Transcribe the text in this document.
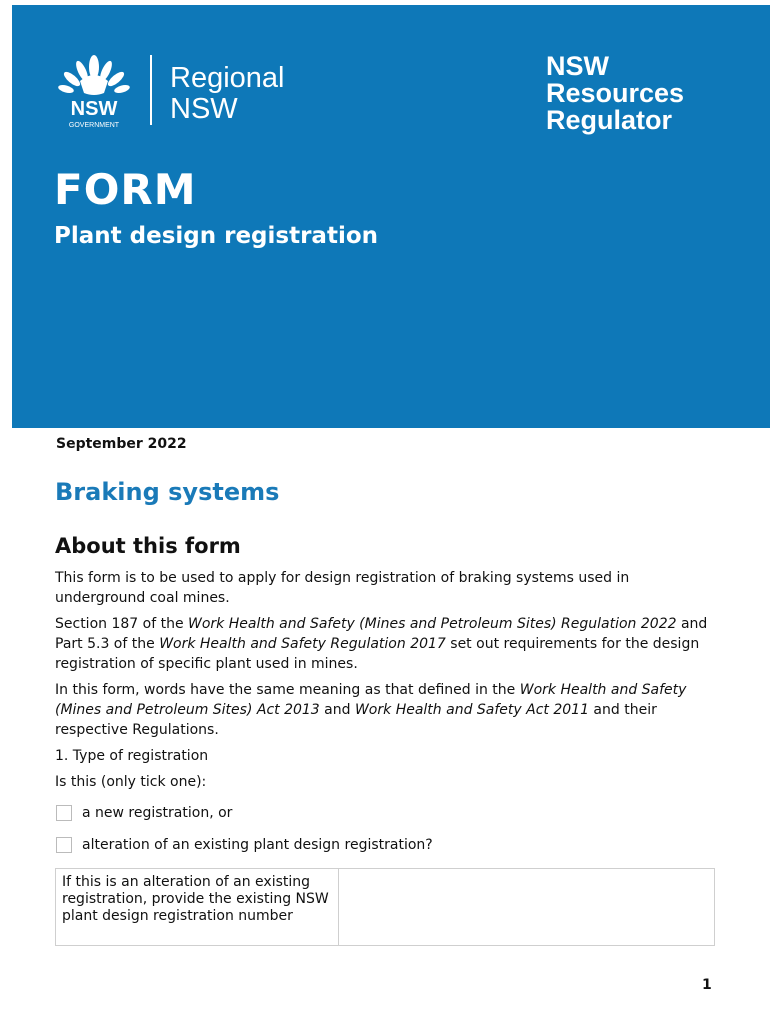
NSW
GOVERNMENT
Regional
NSW
NSW
Resources
Regulator
FORM
Plant design registration
September 2022
Braking systems
About this form
This form is to be used to apply for design registration of braking systems used in underground coal mines.
Section 187 of the Work Health and Safety (Mines and Petroleum Sites) Regulation 2022 and Part 5.3 of the Work Health and Safety Regulation 2017 set out requirements for the design registration of specific plant used in mines.
In this form, words have the same meaning as that defined in the Work Health and Safety (Mines and Petroleum Sites) Act 2013 and Work Health and Safety Act 2011 and their respective Regulations.
1. Type of registration
Is this (only tick one):
a new registration, or
alteration of an existing plant design registration?
If this is an alteration of an existing registration, provide the existing NSW plant design registration number
1
